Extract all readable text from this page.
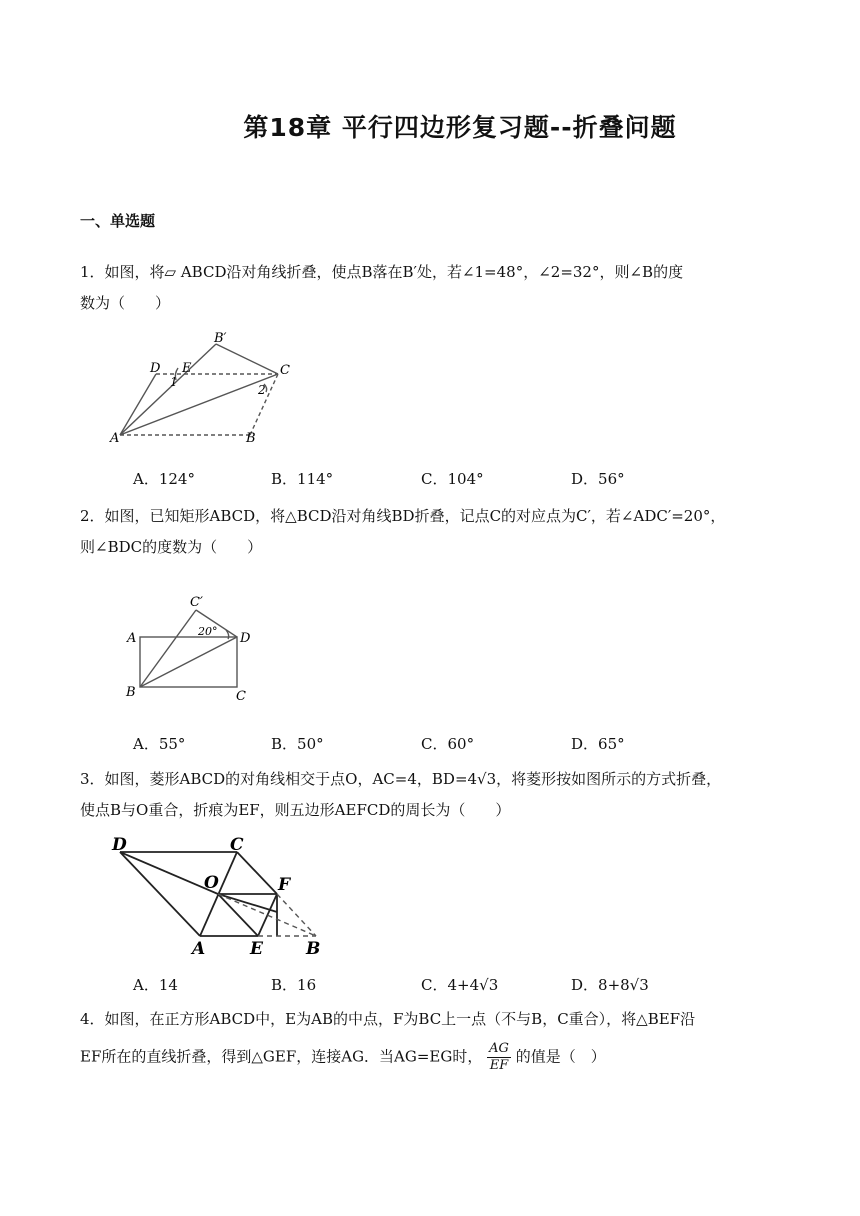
第18章 平行四边形复习题--折叠问题
一、单选题
1．如图，将▱ ABCD沿对角线折叠，使点B落在B′处，若∠1=48°，∠2=32°，则∠B的度
数为（　　）
D E
B′
C
1
2
A	B
A．124°	B．114°	C．104°	D．56°
2．如图，已知矩形ABCD，将△BCD沿对角线BD折叠，记点C的对应点为C′，若∠ADC′=20°，
则∠BDC的度数为（　　）
C′
20°
A	D
B	C
A．55°	B．50°	C．60°	D．65°
3．如图，菱形ABCD的对角线相交于点O，AC=4，BD=4√3，将菱形按如图所示的方式折叠，
使点B与O重合，折痕为EF，则五边形AEFCD的周长为（　　）
D	C
O	F
A	E	B
A．14	B．16	C．4+4√3	D．8+8√3
4．如图，在正方形ABCD中，E为AB的中点，F为BC上一点（不与B，C重合），将△BEF沿
EF所在的直线折叠，得到△GEF，连接AG．当AG=EG时， $\frac{AG}{EF}$ 的值是（　）
